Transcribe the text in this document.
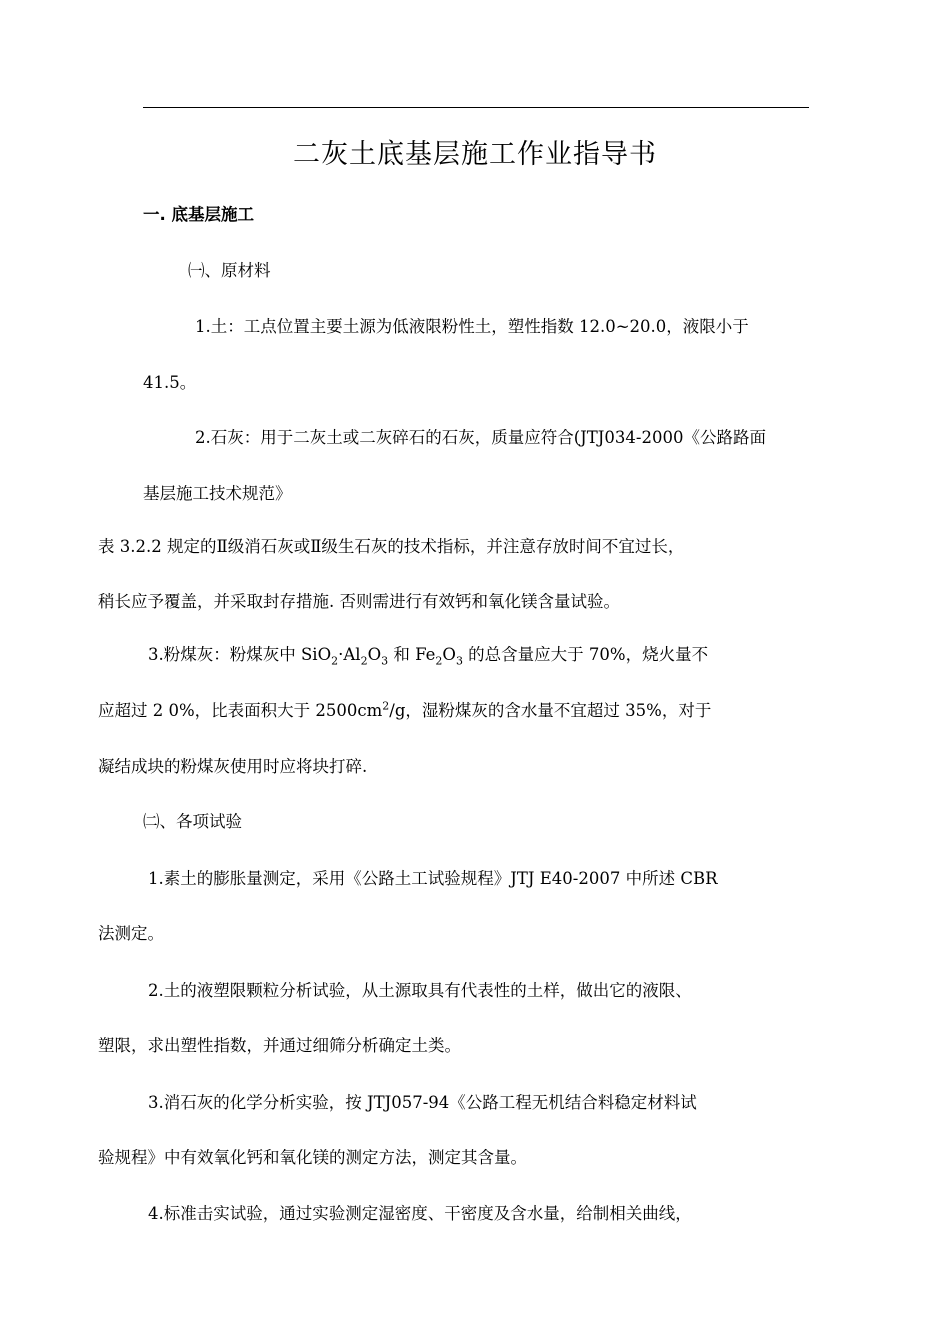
二灰土底基层施工作业指导书
一. 底基层施工
㈠、原材料
1.土：工点位置主要土源为低液限粉性土，塑性指数 12.0~20.0，液限小于
41.5。
2.石灰：用于二灰土或二灰碎石的石灰，质量应符合(JTJ034-2000《公路路面
基层施工技术规范》
表 3.2.2 规定的Ⅱ级消石灰或Ⅱ级生石灰的技术指标，并注意存放时间不宜过长，
稍长应予覆盖，并采取封存措施. 否则需进行有效钙和氧化镁含量试验。
3.粉煤灰：粉煤灰中 $SiO_2\cdot Al_2O_3$ 和 $Fe_2O_3$ 的总含量应大于 70%，烧火量不
应超过 2 0%，比表面积大于 $2500cm^2/g$，湿粉煤灰的含水量不宜超过 35%，对于
凝结成块的粉煤灰使用时应将块打碎.
㈡、各项试验
1.素土的膨胀量测定，采用《公路土工试验规程》JTJ E40-2007 中所述 CBR
法测定。
2.土的液塑限颗粒分析试验，从土源取具有代表性的土样，做出它的液限、
塑限，求出塑性指数，并通过细筛分析确定土类。
3.消石灰的化学分析实验，按 JTJ057-94《公路工程无机结合料稳定材料试
验规程》中有效氧化钙和氧化镁的测定方法，测定其含量。
4.标准击实试验，通过实验测定湿密度、干密度及含水量，给制相关曲线，
